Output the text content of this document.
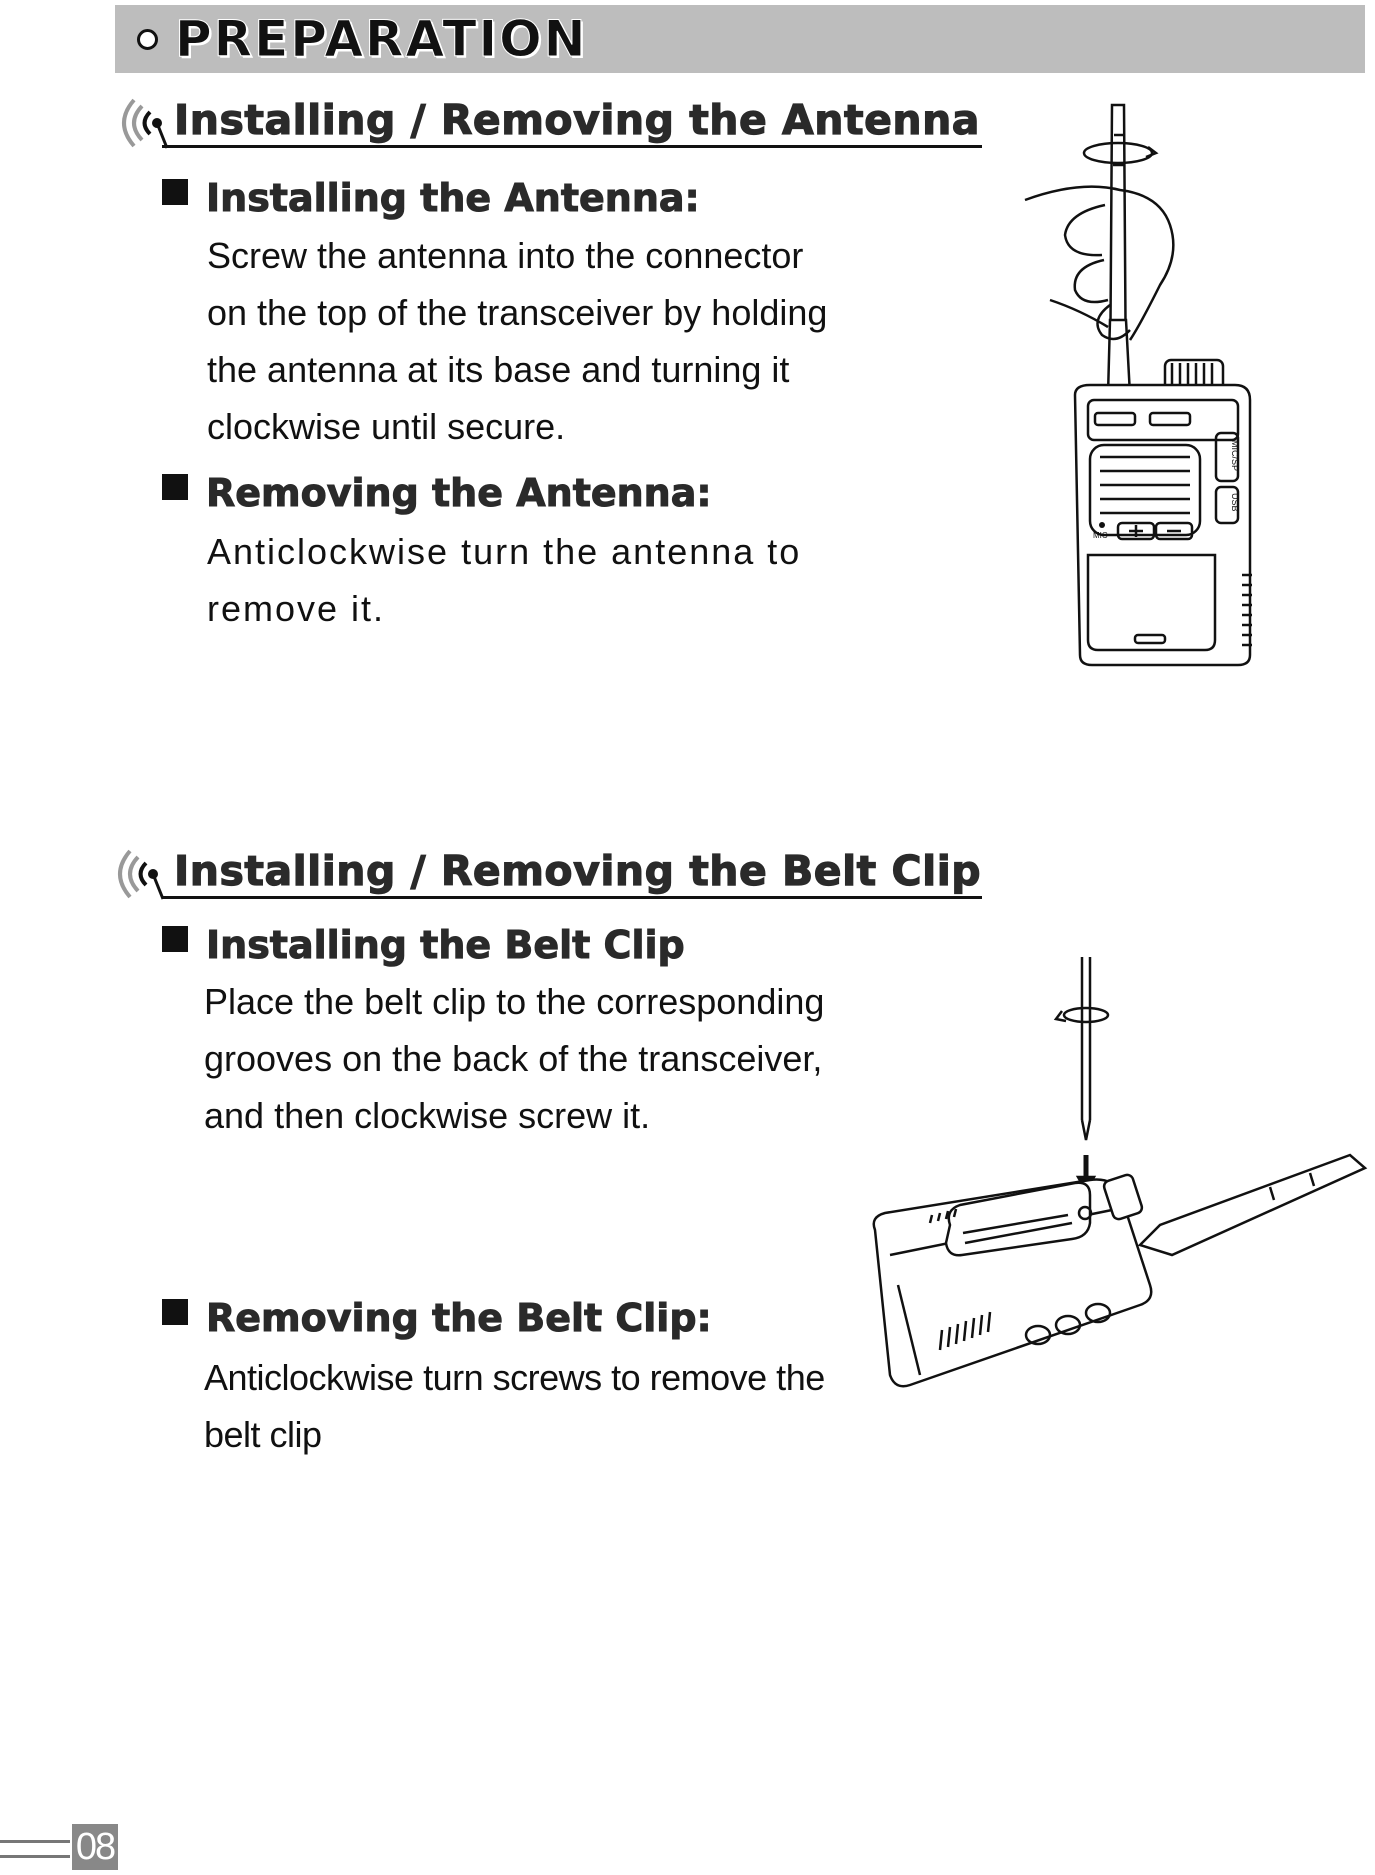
PREPARATION
Installing / Removing the Antenna
Installing the Antenna:
Screw the antenna into the connector
on the top of the transceiver by holding
the antenna at its base and turning it
clockwise until secure.
Removing the Antenna:
Anticlockwise turn the antenna to
remove it.
MIC/SP
USB
MIC
Installing / Removing the Belt Clip
Installing the Belt Clip
Place the belt clip to the corresponding
grooves on the back of the transceiver,
and then clockwise screw it.
Removing the Belt Clip:
Anticlockwise turn screws to remove the
belt clip
08
